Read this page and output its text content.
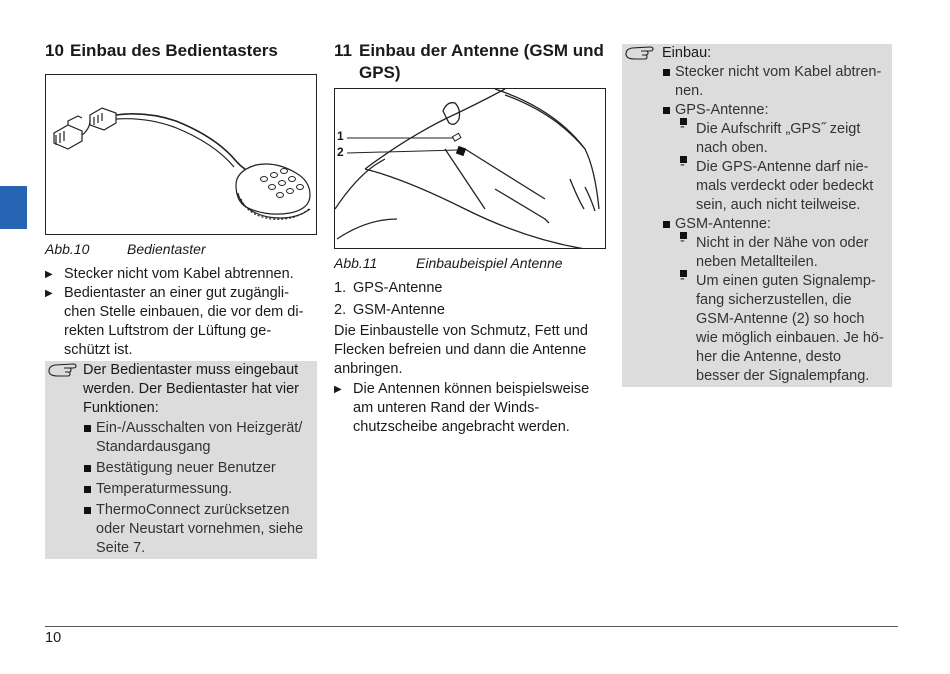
10 Einbau des Bedientasters
Abb.10	Bedientaster
▶ Stecker nicht vom Kabel abtrennen.
▶ Bedientaster an einer gut zugängli-chen Stelle einbauen, die vor dem di-rekten Luftstrom der Lüftung ge-schützt ist.

Der Bedientaster muss eingebaut werden. Der Bedientaster hat vier Funktionen:

Ein-/Ausschalten von Heizgerät/ Standardausgang
Bestätigung neuer Benutzer
Temperaturmessung.
ThermoConnect zurücksetzen oder Neustart vornehmen, siehe Seite 7.
11 Einbau der Antenne (GSM und GPS)
1
2
Abb.11	Einbaubeispiel Antenne
1. GPS-Antenne
2. GSM-Antenne

Die Einbaustelle von Schmutz, Fett und Flecken befreien und dann die Antenne anbringen.

▶ Die Antennen können beispielsweise am unteren Rand der Winds-chutzscheibe angebracht werden.

Einbau:

Stecker nicht vom Kabel abtren-nen.
GPS-Antenne:
- Die Aufschrift „GPS˝ zeigt nach oben.
- Die GPS-Antenne darf nie-mals verdeckt oder bedeckt sein, auch nicht teilweise.
GSM-Antenne:
- Nicht in der Nähe von oder neben Metallteilen.
- Um einen guten Signalemp-fang sicherzustellen, die GSM-Antenne (2) so hoch wie möglich einbauen. Je hö-her die Antenne, desto besser der Signalempfang.
10
